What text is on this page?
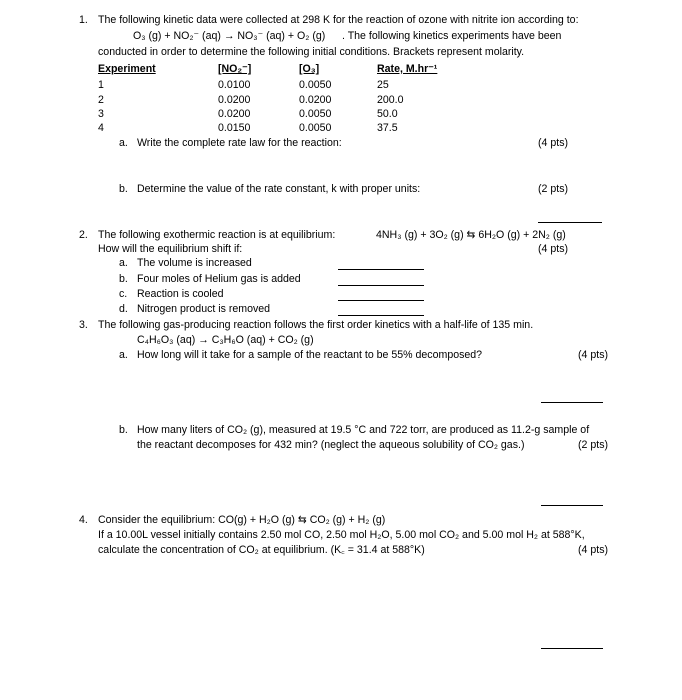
1. The following kinetic data were collected at 298 K for the reaction of ozone with nitrite ion according to:
O₃ (g) + NO₂⁻ (aq) → NO₃⁻ (aq) + O₂ (g) . The following kinetics experiments have been
conducted in order to determine the following initial conditions. Brackets represent molarity.
Experiment	[NO₂⁻]	[O₃]	Rate, M.hr⁻¹
1	0.0100	0.0050	25
2	0.0200	0.0200	200.0
3	0.0200	0.0050	50.0
4	0.0150	0.0050	37.5
a. Write the complete rate law for the reaction:	(4 pts)
b. Determine the value of the rate constant, k with proper units:	(2 pts)
2. The following exothermic reaction is at equilibrium:	4NH₃ (g) + 3O₂ (g) ⇆ 6H₂O (g) + 2N₂ (g)
How will the equilibrium shift if:	(4 pts)
a. The volume is increased
b. Four moles of Helium gas is added
c. Reaction is cooled
d. Nitrogen product is removed
3. The following gas-producing reaction follows the first order kinetics with a half-life of 135 min.
C₄H₆O₃ (aq) → C₃H₆O (aq) + CO₂ (g)
a. How long will it take for a sample of the reactant to be 55% decomposed?	(4 pts)
b. How many liters of CO₂ (g), measured at 19.5 °C and 722 torr, are produced as 11.2-g sample of
the reactant decomposes for 432 min? (neglect the aqueous solubility of CO₂ gas.)	(2 pts)
4. Consider the equilibrium: CO(g) + H₂O (g) ⇆ CO₂ (g) + H₂ (g)
If a 10.00L vessel initially contains 2.50 mol CO, 2.50 mol H₂O, 5.00 mol CO₂ and 5.00 mol H₂ at 588°K,
calculate the concentration of CO₂ at equilibrium. (K꜀ = 31.4 at 588°K)	(4 pts)
